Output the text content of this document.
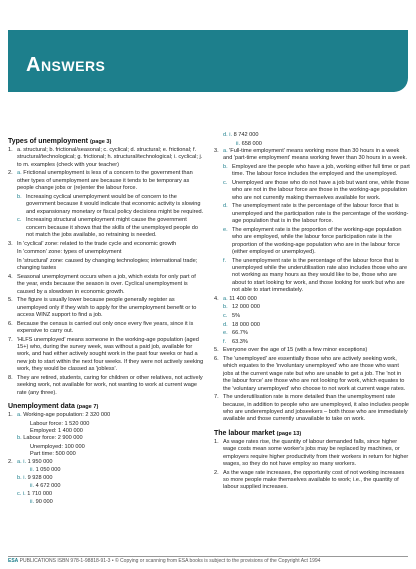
Answers
Types of unemployment (page 3)
1. a. structural; b. frictional/seasonal; c. cyclical; d. structural; e. frictional; f. structural/technological; g. frictional; h. structural/technological; i. cyclical; j. to m. examples (check with your teacher)
2. a. Frictional unemployment is less of a concern to the government than other types of unemployment are because it tends to be temporary as people change jobs or (re)enter the labour force.
b. Increasing cyclical unemployment would be of concern to the government because it would indicate that economic activity is slowing and expansionary monetary or fiscal policy decisions might be required.
c. Increasing structural unemployment might cause the government concern because it shows that the skills of the unemployed people do not match the jobs available, so retraining is needed.
3. In 'cyclical' zone: related to the trade cycle and economic growth
In 'common' zone: types of unemployment
In 'structural' zone: caused by changing technologies; international trade; changing tastes
4. Seasonal unemployment occurs when a job, which exists for only part of the year, ends because the season is over. Cyclical unemployment is caused by a slowdown in economic growth.
5. The figure is usually lower because people generally register as unemployed only if they wish to apply for the unemployment benefit or to access WINZ support to find a job.
6. Because the census is carried out only once every five years, since it is expensive to carry out.
7. 'HLFS unemployed' means someone in the working-age population (aged 15+) who, during the survey week, was without a paid job, available for work, and had either actively sought work in the past four weeks or had a new job to start within the next four weeks. If they were not actively seeking work, they would be classed as 'jobless'.
8. They are retired, students, caring for children or other relatives, not actively seeking work, not available for work, not wanting to work at current wage rate (any three).
Unemployment data (page 7)
1. a. Working-age population: 2 320 000
Labour force: 1 520 000
Employed: 1 400 000
b. Labour force: 2 900 000
Unemployed: 100 000
Part time: 500 000
2. a. i. 1 950 000
ii. 1 050 000
b. i. 9 928 000
ii. 4 672 000
c. i. 1 710 000
ii. 90 000
d. i. 8 742 000
ii. 658 000
3. a. 'Full-time employment' means working more than 30 hours in a week and 'part-time employment' means working fewer than 30 hours in a week.
b. Employed are the people who have a job, working either full time or part time. The labour force includes the employed and the unemployed.
c. Unemployed are those who do not have a job but want one, while those who are not in the labour force are those in the working-age population who are not currently making themselves available for work.
d. The unemployment rate is the percentage of the labour force that is unemployed and the participation rate is the percentage of the working-age population that is in the labour force.
e. The employment rate is the proportion of the working-age population who are employed, while the labour force participation rate is the proportion of the working-age population who are in the labour force (either employed or unemployed).
f. The unemployment rate is the percentage of the labour force that is unemployed while the underutilisation rate also includes those who are not working as many hours as they would like to be, those who are about to start looking for work, and those looking for work but who are not able to start immediately.
4. a. 11 400 000
b. 12 000 000
c. 5%
d. 18 000 000
e. 66.7%
f. 63.3%
5. Everyone over the age of 15 (with a few minor exceptions)
6. The 'unemployed' are essentially those who are actively seeking work, which equates to the 'involuntary unemployed' who are those who want jobs at the current wage rate but who are unable to get a job. The 'not in the labour force' are those who are not looking for work, which equates to the 'voluntary unemployed' who choose to not work at current wage rates.
7. The underutilisation rate is more detailed than the unemployment rate because, in addition to people who are unemployed, it also includes people who are underemployed and jobseekers – both those who are immediately available and those currently unavailable to take on work.
The labour market (page 13)
1. As wage rates rise, the quantity of labour demanded falls, since higher wage costs mean some worker's jobs may be replaced by machines, or employers require higher productivity from their workers in return for higher wages, so they do not have employ so many workers.
2. As the wage rate increases, the opportunity cost of not working increases so more people make themselves available to work; i.e., the quantity of labour supplied increases.
ESA PUBLICATIONS ISBN 978-1-98818-91-3 • © Copying or scanning from ESA books is subject to the provisions of the Copyright Act 1994
